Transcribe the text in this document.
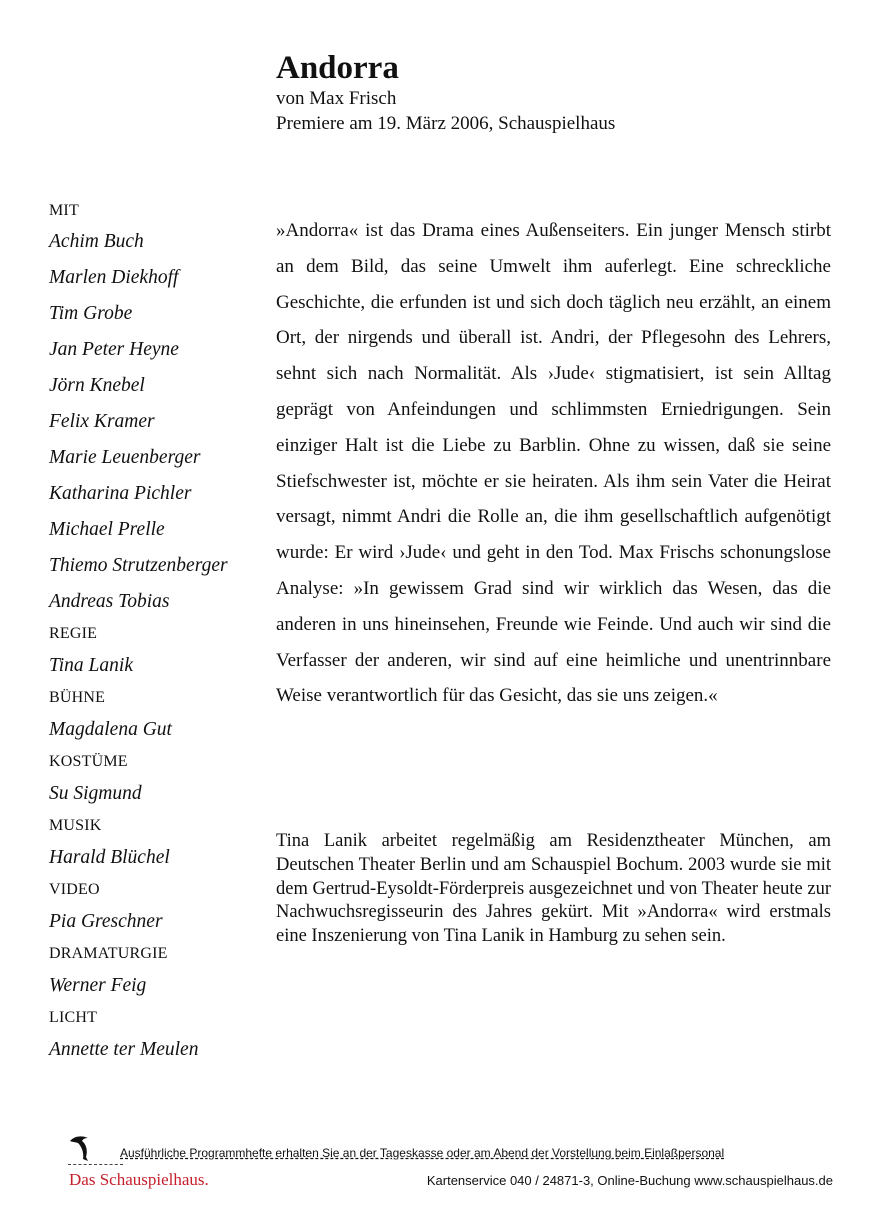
Andorra
von Max Frisch
Premiere am 19. März 2006, Schauspielhaus
MIT
Achim Buch
Marlen Diekhoff
Tim Grobe
Jan Peter Heyne
Jörn Knebel
Felix Kramer
Marie Leuenberger
Katharina Pichler
Michael Prelle
Thiemo Strutzenberger
Andreas Tobias
REGIE
Tina Lanik
BÜHNE
Magdalena Gut
KOSTÜME
Su Sigmund
MUSIK
Harald Blüchel
VIDEO
Pia Greschner
DRAMATURGIE
Werner Feig
LICHT
Annette ter Meulen

»Andorra« ist das Drama eines Außenseiters. Ein junger Mensch stirbt an dem Bild, das seine Umwelt ihm auferlegt. Eine schreckliche Geschichte, die erfunden ist und sich doch täglich neu erzählt, an einem Ort, der nirgends und überall ist. Andri, der Pflegesohn des Lehrers, sehnt sich nach Normalität. Als ›Jude‹ stigmatisiert, ist sein Alltag geprägt von Anfeindungen und schlimmsten Erniedrigungen. Sein einziger Halt ist die Liebe zu Barblin. Ohne zu wissen, daß sie seine Stiefschwester ist, möchte er sie heiraten. Als ihm sein Vater die Heirat versagt, nimmt Andri die Rolle an, die ihm gesellschaftlich aufgenötigt wurde: Er wird ›Jude‹ und geht in den Tod. Max Frischs schonungslose Analyse: »In gewissem Grad sind wir wirklich das Wesen, das die anderen in uns hineinsehen, Freunde wie Feinde. Und auch wir sind die Verfasser der anderen, wir sind auf eine heimliche und unentrinnbare Weise verantwortlich für das Gesicht, das sie uns zeigen.«

Tina Lanik arbeitet regelmäßig am Residenztheater München, am Deutschen Theater Berlin und am Schauspiel Bochum. 2003 wurde sie mit dem Gertrud-Eysoldt-Förderpreis ausgezeichnet und von Theater heute zur Nachwuchsregisseurin des Jahres gekürt. Mit »Andorra« wird erstmals eine Inszenierung von Tina Lanik in Hamburg zu sehen sein.

Ausführliche Programmhefte erhalten Sie an der Tageskasse oder am Abend der Vorstellung beim Einlaßpersonal
Das Schauspielhaus.	Kartenservice 040 / 24871-3, Online-Buchung www.schauspielhaus.de
